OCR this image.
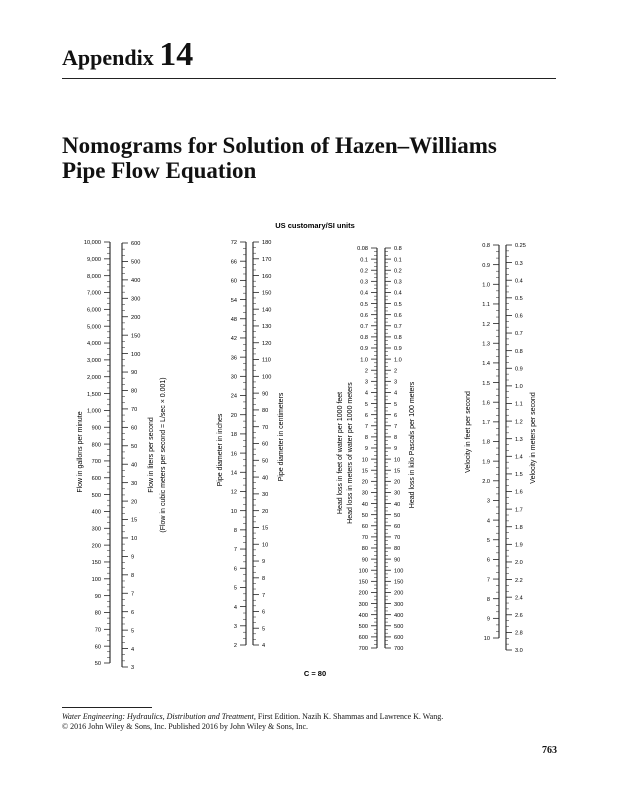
Appendix 14
Nomograms for Solution of Hazen–Williams
Pipe Flow Equation
US customary/SI units
C = 80
10,000
9,000
8,000
7,000
6,000
5,000
4,000
3,000
2,000
1,500
1,000
900
800
700
600
500
400
300
200
150
100
90
80
70
60
50
Flow in gallons per minute
600
500
400
300
200
150
100
90
80
70
60
50
40
30
20
15
10
9
8
7
6
5
4
3
Flow in liters per second (Flow in cubic meters per second = L/sec × 0.001)
72
66
60
54
48
42
36
30
24
20
18
16
14
12
10
8
7
6
5
4
3
2
Pipe diameter in inches
180
170
160
150
140
130
120
110
100
90
80
70
60
50
40
30
20
15
10
9
8
7
6
5
4
Pipe diameter in centimeters
0.08
0.1
0.2
0.3
0.4
0.5
0.6
0.7
0.8
0.9
1.0
2
3
4
5
6
7
8
9
10
15
20
30
40
50
60
70
80
90
100
150
200
300
400
500
600
700
Head loss in feet of water per 1000 feet Head loss in meters of water per 1000 meters
0.8
0.1
0.2
0.3
0.4
0.5
0.6
0.7
0.8
0.9
1.0
2
3
4
5
6
7
8
9
10
15
20
30
40
50
60
70
80
90
100
150
200
300
400
500
600
700
Head loss in kilo Pascals per 100 meters
0.8
0.9
1.0
1.1
1.2
1.3
1.4
1.5
1.6
1.7
1.8
1.9
2.0
3
4
5
6
7
8
9
10
Velocity in feet per second
0.25
0.3
0.4
0.5
0.6
0.7
0.8
0.9
1.0
1.1
1.2
1.3
1.4
1.5
1.6
1.7
1.8
1.9
2.0
2.2
2.4
2.6
2.8
3.0
Velocity in meters per second
Water Engineering: Hydraulics, Distribution and Treatment, First Edition. Nazih K. Shammas and Lawrence K. Wang.
© 2016 John Wiley & Sons, Inc. Published 2016 by John Wiley & Sons, Inc.
763
